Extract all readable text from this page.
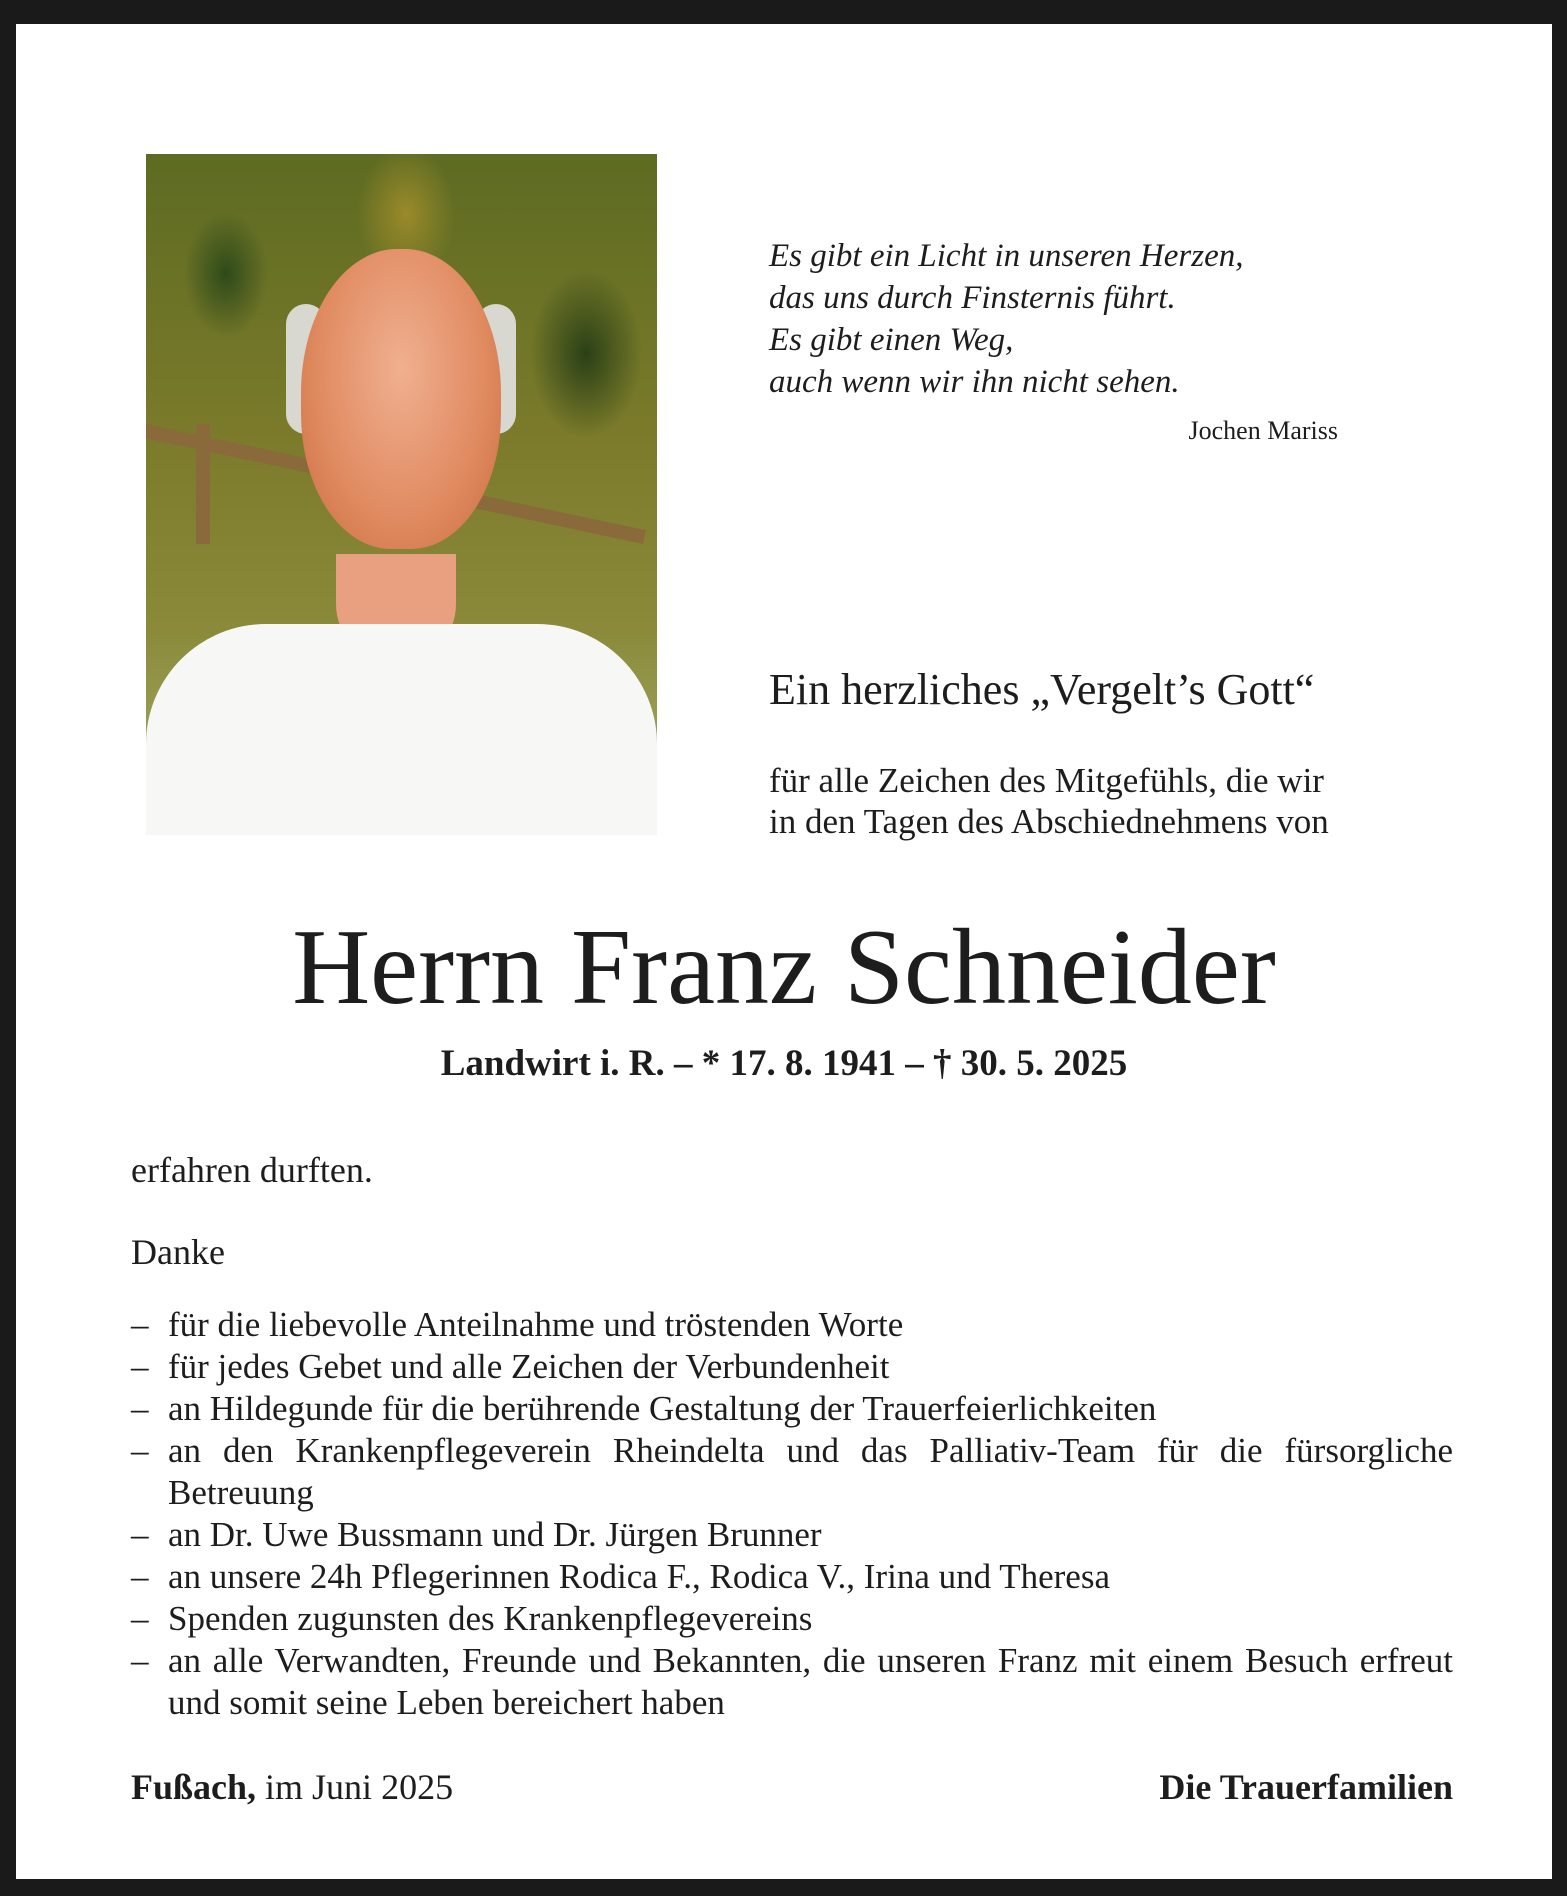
Es gibt ein Licht in unseren Herzen,
das uns durch Finsternis führt.
Es gibt einen Weg,
auch wenn wir ihn nicht sehen.
Jochen Mariss
Ein herzliches „Vergelt’s Gott“
für alle Zeichen des Mitgefühls, die wir
in den Tagen des Abschiednehmens von
Herrn Franz Schneider
Landwirt i. R. – * 17. 8. 1941 – † 30. 5. 2025
erfahren durften.
Danke
– für die liebevolle Anteilnahme und tröstenden Worte
– für jedes Gebet und alle Zeichen der Verbundenheit
– an Hildegunde für die berührende Gestaltung der Trauerfeierlichkeiten
– an den Krankenpflegeverein Rheindelta und das Palliativ-Team für die fürsorgliche Betreuung
– an Dr. Uwe Bussmann und Dr. Jürgen Brunner
– an unsere 24h Pflegerinnen Rodica F., Rodica V., Irina und Theresa
– Spenden zugunsten des Krankenpflegevereins
– an alle Verwandten, Freunde und Bekannten, die unseren Franz mit einem Besuch erfreut und somit seine Leben bereichert haben
Fußach, im Juni 2025	Die Trauerfamilien
